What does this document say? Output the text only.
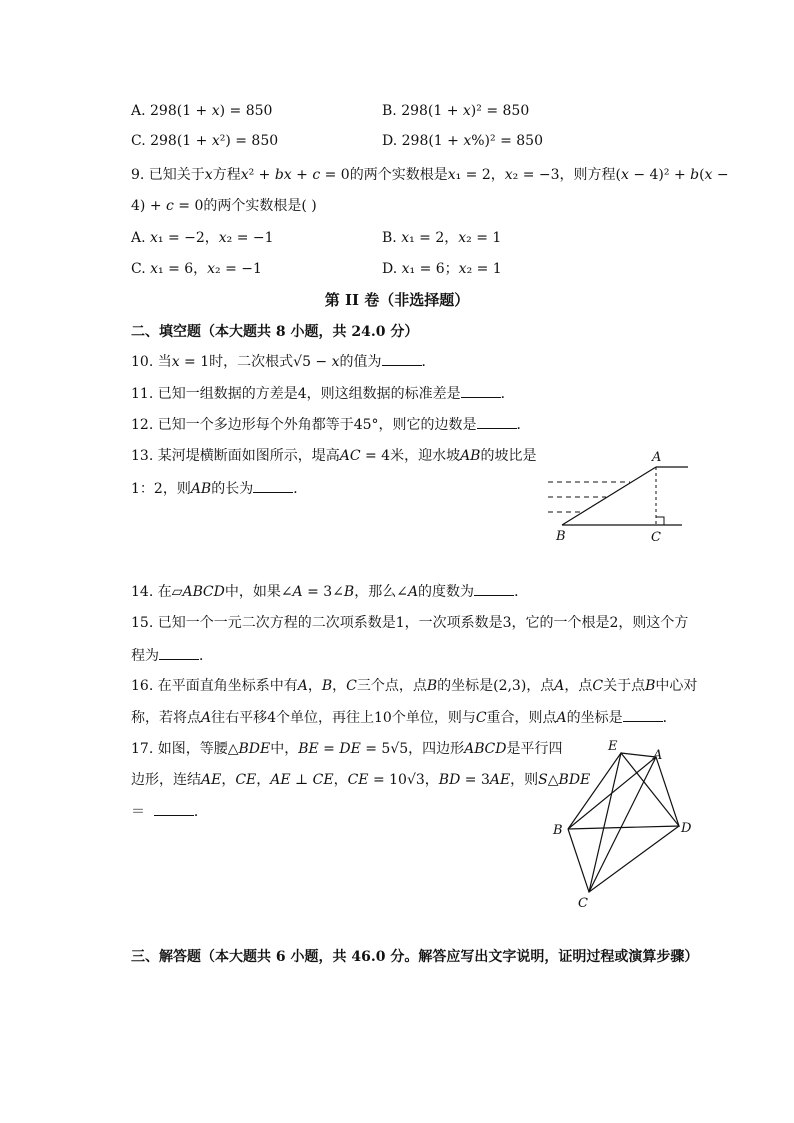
A. 298(1 + 𝑥) = 850	B. 298(1 + 𝑥)² = 850
C. 298(1 + 𝑥²) = 850	D. 298(1 + 𝑥%)² = 850
9. 已知关于𝑥方程𝑥² + 𝑏𝑥 + 𝑐 = 0的两个实数根是𝑥₁ = 2，𝑥₂ = −3，则方程(𝑥 − 4)² + 𝑏(𝑥 −
4) + 𝑐 = 0的两个实数根是( )
A. 𝑥₁ = −2，𝑥₂ = −1	B. 𝑥₁ = 2，𝑥₂ = 1
C. 𝑥₁ = 6，𝑥₂ = −1	D. 𝑥₁ = 6；𝑥₂ = 1
第 II 卷（非选择题）
二、填空题（本大题共 8 小题，共 24.0 分）
10. 当𝑥 = 1时，二次根式√5 − 𝑥的值为	．
11. 已知一组数据的方差是4，则这组数据的标准差是	．
12. 已知一个多边形每个外角都等于45°，则它的边数是	．
13. 某河堤横断面如图所示，堤高𝐴𝐶 = 4米，迎水坡𝐴𝐵的坡比是
1：2，则𝐴𝐵的长为	．
A
B	C
14. 在▱𝐴𝐵𝐶𝐷中，如果∠𝐴 = 3∠𝐵，那么∠𝐴的度数为	．
15. 已知一个一元二次方程的二次项系数是1，一次项系数是3，它的一个根是2，则这个方
程为	．
16. 在平面直角坐标系中有𝐴，𝐵，𝐶三个点，点𝐵的坐标是(2,3)，点𝐴，点𝐶关于点𝐵中心对
称，若将点𝐴往右平移4个单位，再往上10个单位，则与𝐶重合，则点𝐴的坐标是	．
17. 如图，等腰△𝐵𝐷𝐸中，𝐵𝐸 = 𝐷𝐸 = 5√5，四边形𝐴𝐵𝐶𝐷是平行四
边形，连结𝐴𝐸，𝐶𝐸，𝐴𝐸 ⊥ 𝐶𝐸，𝐶𝐸 = 10√3，𝐵𝐷 = 3𝐴𝐸，则𝑆△𝐵𝐷𝐸
＝	．
E
A
B	D
C
三、解答题（本大题共 6 小题，共 46.0 分。解答应写出文字说明，证明过程或演算步骤）
